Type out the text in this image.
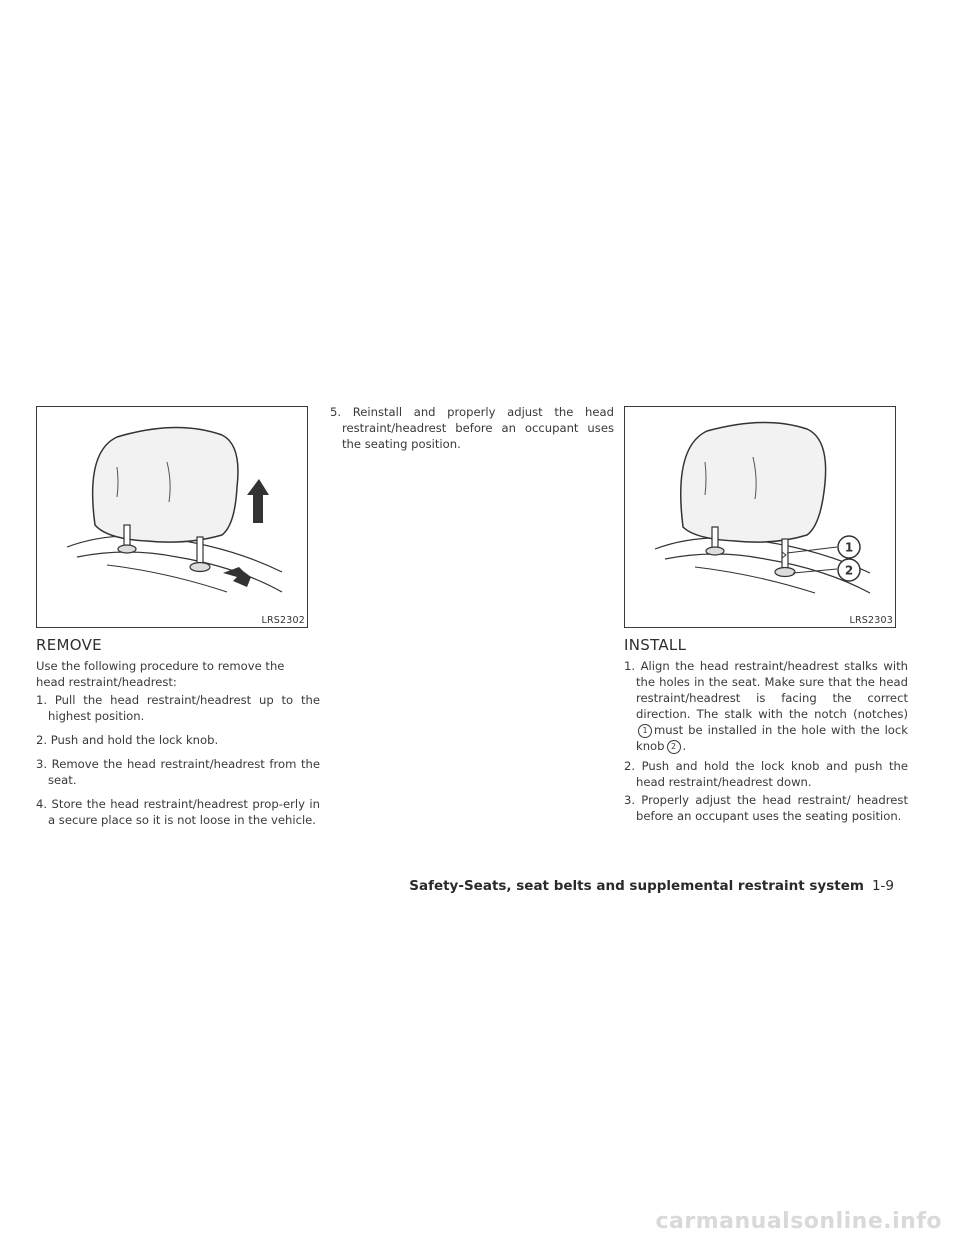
LRS2302
REMOVE

Use the following procedure to remove the head restraint/headrest:

1. Pull the head restraint/headrest up to the highest position.

2. Push and hold the lock knob.

3. Remove the head restraint/headrest from the seat.

4. Store the head restraint/headrest prop-erly in a secure place so it is not loose in the vehicle.

5. Reinstall and properly adjust the head restraint/headrest before an occupant uses the seating position.

1
2
LRS2303
INSTALL

1. Align the head restraint/headrest stalks with the holes in the seat. Make sure that the head restraint/headrest is facing the correct direction. The stalk with the notch (notches)1 must be installed in the hole with the lock knob 2 .

2. Push and hold the lock knob and push the head restraint/headrest down.

3. Properly adjust the head restraint/ headrest before an occupant uses the seating position.

Safety-Seats, seat belts and supplemental restraint system 1-9
carmanualsonline.info
